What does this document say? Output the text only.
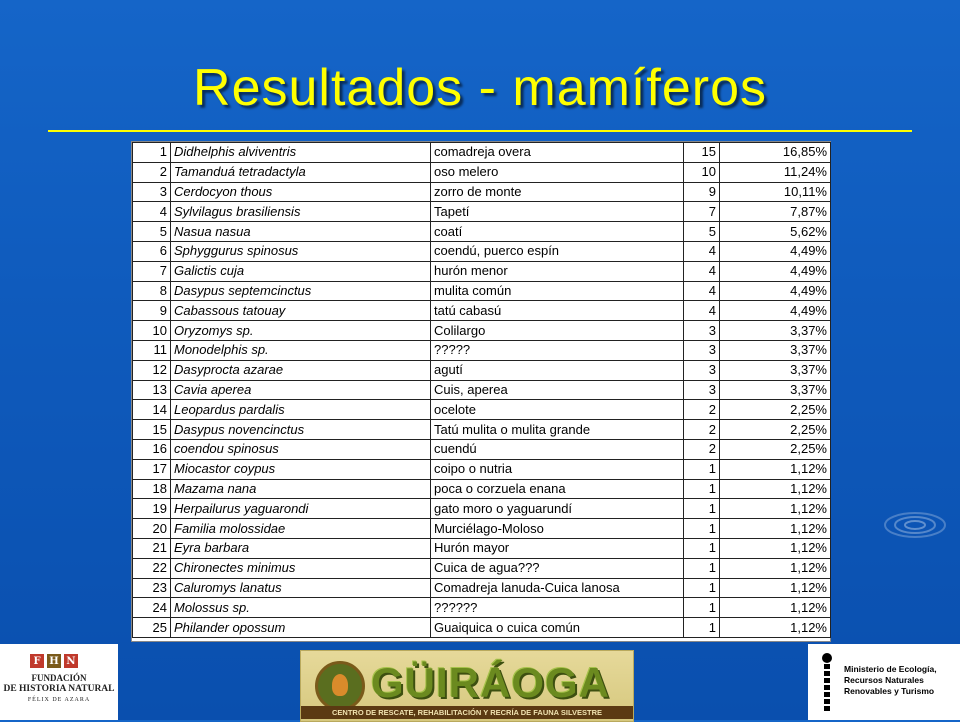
Resultados - mamíferos
1	Didhelphis alviventris	comadreja overa	15	16,85%
2	Tamanduá tetradactyla	oso melero	10	11,24%
3	Cerdocyon thous	zorro de monte	9	10,11%
4	Sylvilagus brasiliensis	Tapetí	7	7,87%
5	Nasua nasua	coatí	5	5,62%
6	Sphyggurus spinosus	coendú, puerco espín	4	4,49%
7	Galictis cuja	hurón menor	4	4,49%
8	Dasypus septemcinctus	mulita común	4	4,49%
9	Cabassous tatouay	tatú cabasú	4	4,49%
10	Oryzomys sp.	Colilargo	3	3,37%
11	Monodelphis sp.	?????	3	3,37%
12	Dasyprocta azarae	agutí	3	3,37%
13	Cavia aperea	Cuis, aperea	3	3,37%
14	Leopardus pardalis	ocelote	2	2,25%
15	Dasypus novencinctus	Tatú mulita o mulita grande	2	2,25%
16	coendou spinosus	cuendú	2	2,25%
17	Miocastor coypus	coipo o nutria	1	1,12%
18	Mazama nana	poca o corzuela enana	1	1,12%
19	Herpailurus yaguarondi	gato moro o yaguarundí	1	1,12%
20	Familia molossidae	Murciélago-Moloso	1	1,12%
21	Eyra barbara	Hurón mayor	1	1,12%
22	Chironectes minimus	Cuica de agua???	1	1,12%
23	Caluromys lanatus	Comadreja lanuda-Cuica lanosa	1	1,12%
24	Molossus sp.	??????	1	1,12%
25	Philander opossum	Guaiquica o cuica común	1	1,12%
F H N
FUNDACIÓN
DE HISTORIA NATURAL
FÉLIX DE AZARA	GÜIRÁOGA
CENTRO DE RESCATE, REHABILITACIÓN Y RECRÍA DE FAUNA SILVESTRE
Ministerio de Ecología,
Recursos Naturales
Renovables y Turismo
